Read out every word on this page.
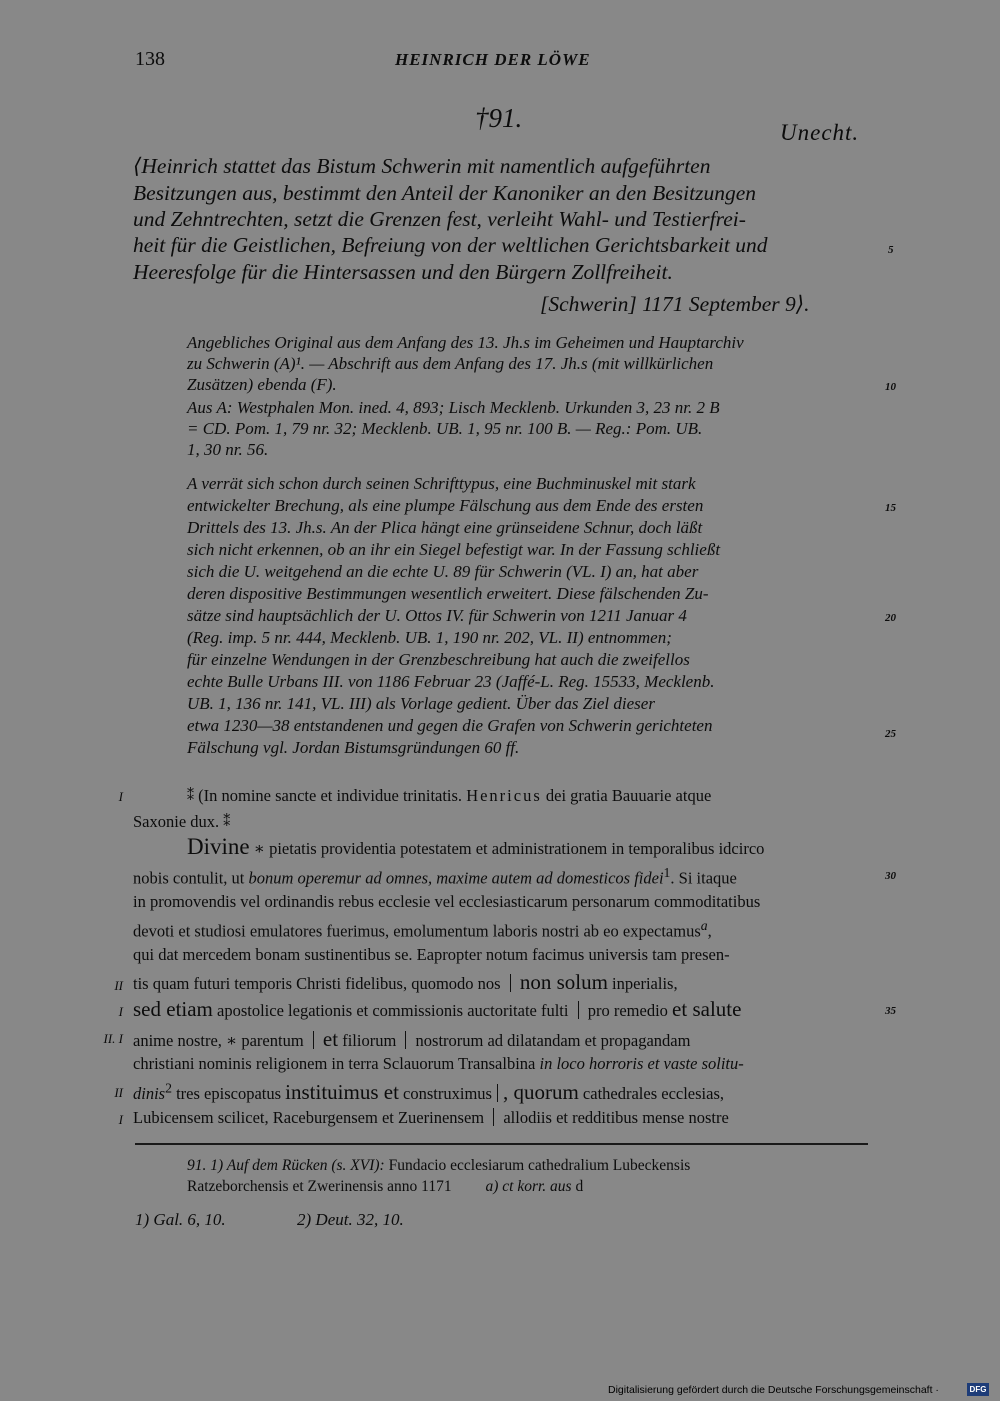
138	HEINRICH DER LÖWE
†91.	Unecht.
⟨Heinrich stattet das Bistum Schwerin mit namentlich aufgeführten
Besitzungen aus, bestimmt den Anteil der Kanoniker an den Besitzungen
und Zehntrechten, setzt die Grenzen fest, verleiht Wahl- und Testierfrei-
heit für die Geistlichen, Befreiung von der weltlichen Gerichtsbarkeit und
Heeresfolge für die Hintersassen und den Bürgern Zollfreiheit.
[Schwerin] 1171 September 9⟩.
Angebliches Original aus dem Anfang des 13. Jh.s im Geheimen und Hauptarchiv
zu Schwerin (A)¹. — Abschrift aus dem Anfang des 17. Jh.s (mit willkürlichen
Zusätzen) ebenda (F).
Aus A: Westphalen Mon. ined. 4, 893; Lisch Mecklenb. Urkunden 3, 23 nr. 2 B
= CD. Pom. 1, 79 nr. 32; Mecklenb. UB. 1, 95 nr. 100 B. — Reg.: Pom. UB.
1, 30 nr. 56.
A verrät sich schon durch seinen Schrifttypus, eine Buchminuskel mit stark
entwickelter Brechung, als eine plumpe Fälschung aus dem Ende des ersten
Drittels des 13. Jh.s. An der Plica hängt eine grünseidene Schnur, doch läßt
sich nicht erkennen, ob an ihr ein Siegel befestigt war. In der Fassung schließt
sich die U. weitgehend an die echte U. 89 für Schwerin (VL. I) an, hat aber
deren dispositive Bestimmungen wesentlich erweitert. Diese fälschenden Zu-
sätze sind hauptsächlich der U. Ottos IV. für Schwerin von 1211 Januar 4
(Reg. imp. 5 nr. 444, Mecklenb. UB. 1, 190 nr. 202, VL. II) entnommen;
für einzelne Wendungen in der Grenzbeschreibung hat auch die zweifellos
echte Bulle Urbans III. von 1186 Februar 23 (Jaffé-L. Reg. 15533, Mecklenb.
UB. 1, 136 nr. 141, VL. III) als Vorlage gedient. Über das Ziel dieser
etwa 1230—38 entstandenen und gegen die Grafen von Schwerin gerichteten
Fälschung vgl. Jordan Bistumsgründungen 60 ff.
5
10
15
20
25
30
35
I
II
I
II. I
II
I
⁑ (In nomine sancte et individue trinitatis. Henricus dei gratia Bauuarie atque
Saxonie dux. ⁑
Divine ∗ pietatis providentia potestatem et administrationem in temporalibus idcirco
nobis contulit, ut bonum operemur ad omnes, maxime autem ad domesticos fidei$^1$. Si itaque
in promovendis vel ordinandis rebus ecclesie vel ecclesiasticarum personarum commoditatibus
devoti et studiosi emulatores fuerimus, emolumentum laboris nostri ab eo expectamus$^a$,
qui dat mercedem bonam sustinentibus se. Eapropter notum facimus universis tam presen-
tis quam futuri temporis Christi fidelibus, quomodo nos non solum inperialis,
sed etiam apostolice legationis et commissionis auctoritate fulti pro remedio et salute
anime nostre, ∗ parentum et filiorum nostrorum ad dilatandam et propagandam
christiani nominis religionem in terra Sclauorum Transalbina in loco horroris et vaste solitu-
dinis$^2$ tres episcopatus instituimus et construximus , quorum cathedrales ecclesias,
Lubicensem scilicet, Raceburgensem et Zuerinensem allodiis et redditibus mense nostre
91. 1) Auf dem Rücken (s. XVI): Fundacio ecclesiarum cathedralium Lubeckensis
Ratzeborchensis et Zwerinensis anno 1171 a) ct korr. aus d
1) Gal. 6, 10.	2) Deut. 32, 10.
Digitalisierung gefördert durch die Deutsche Forschungsgemeinschaft ·	DFG
